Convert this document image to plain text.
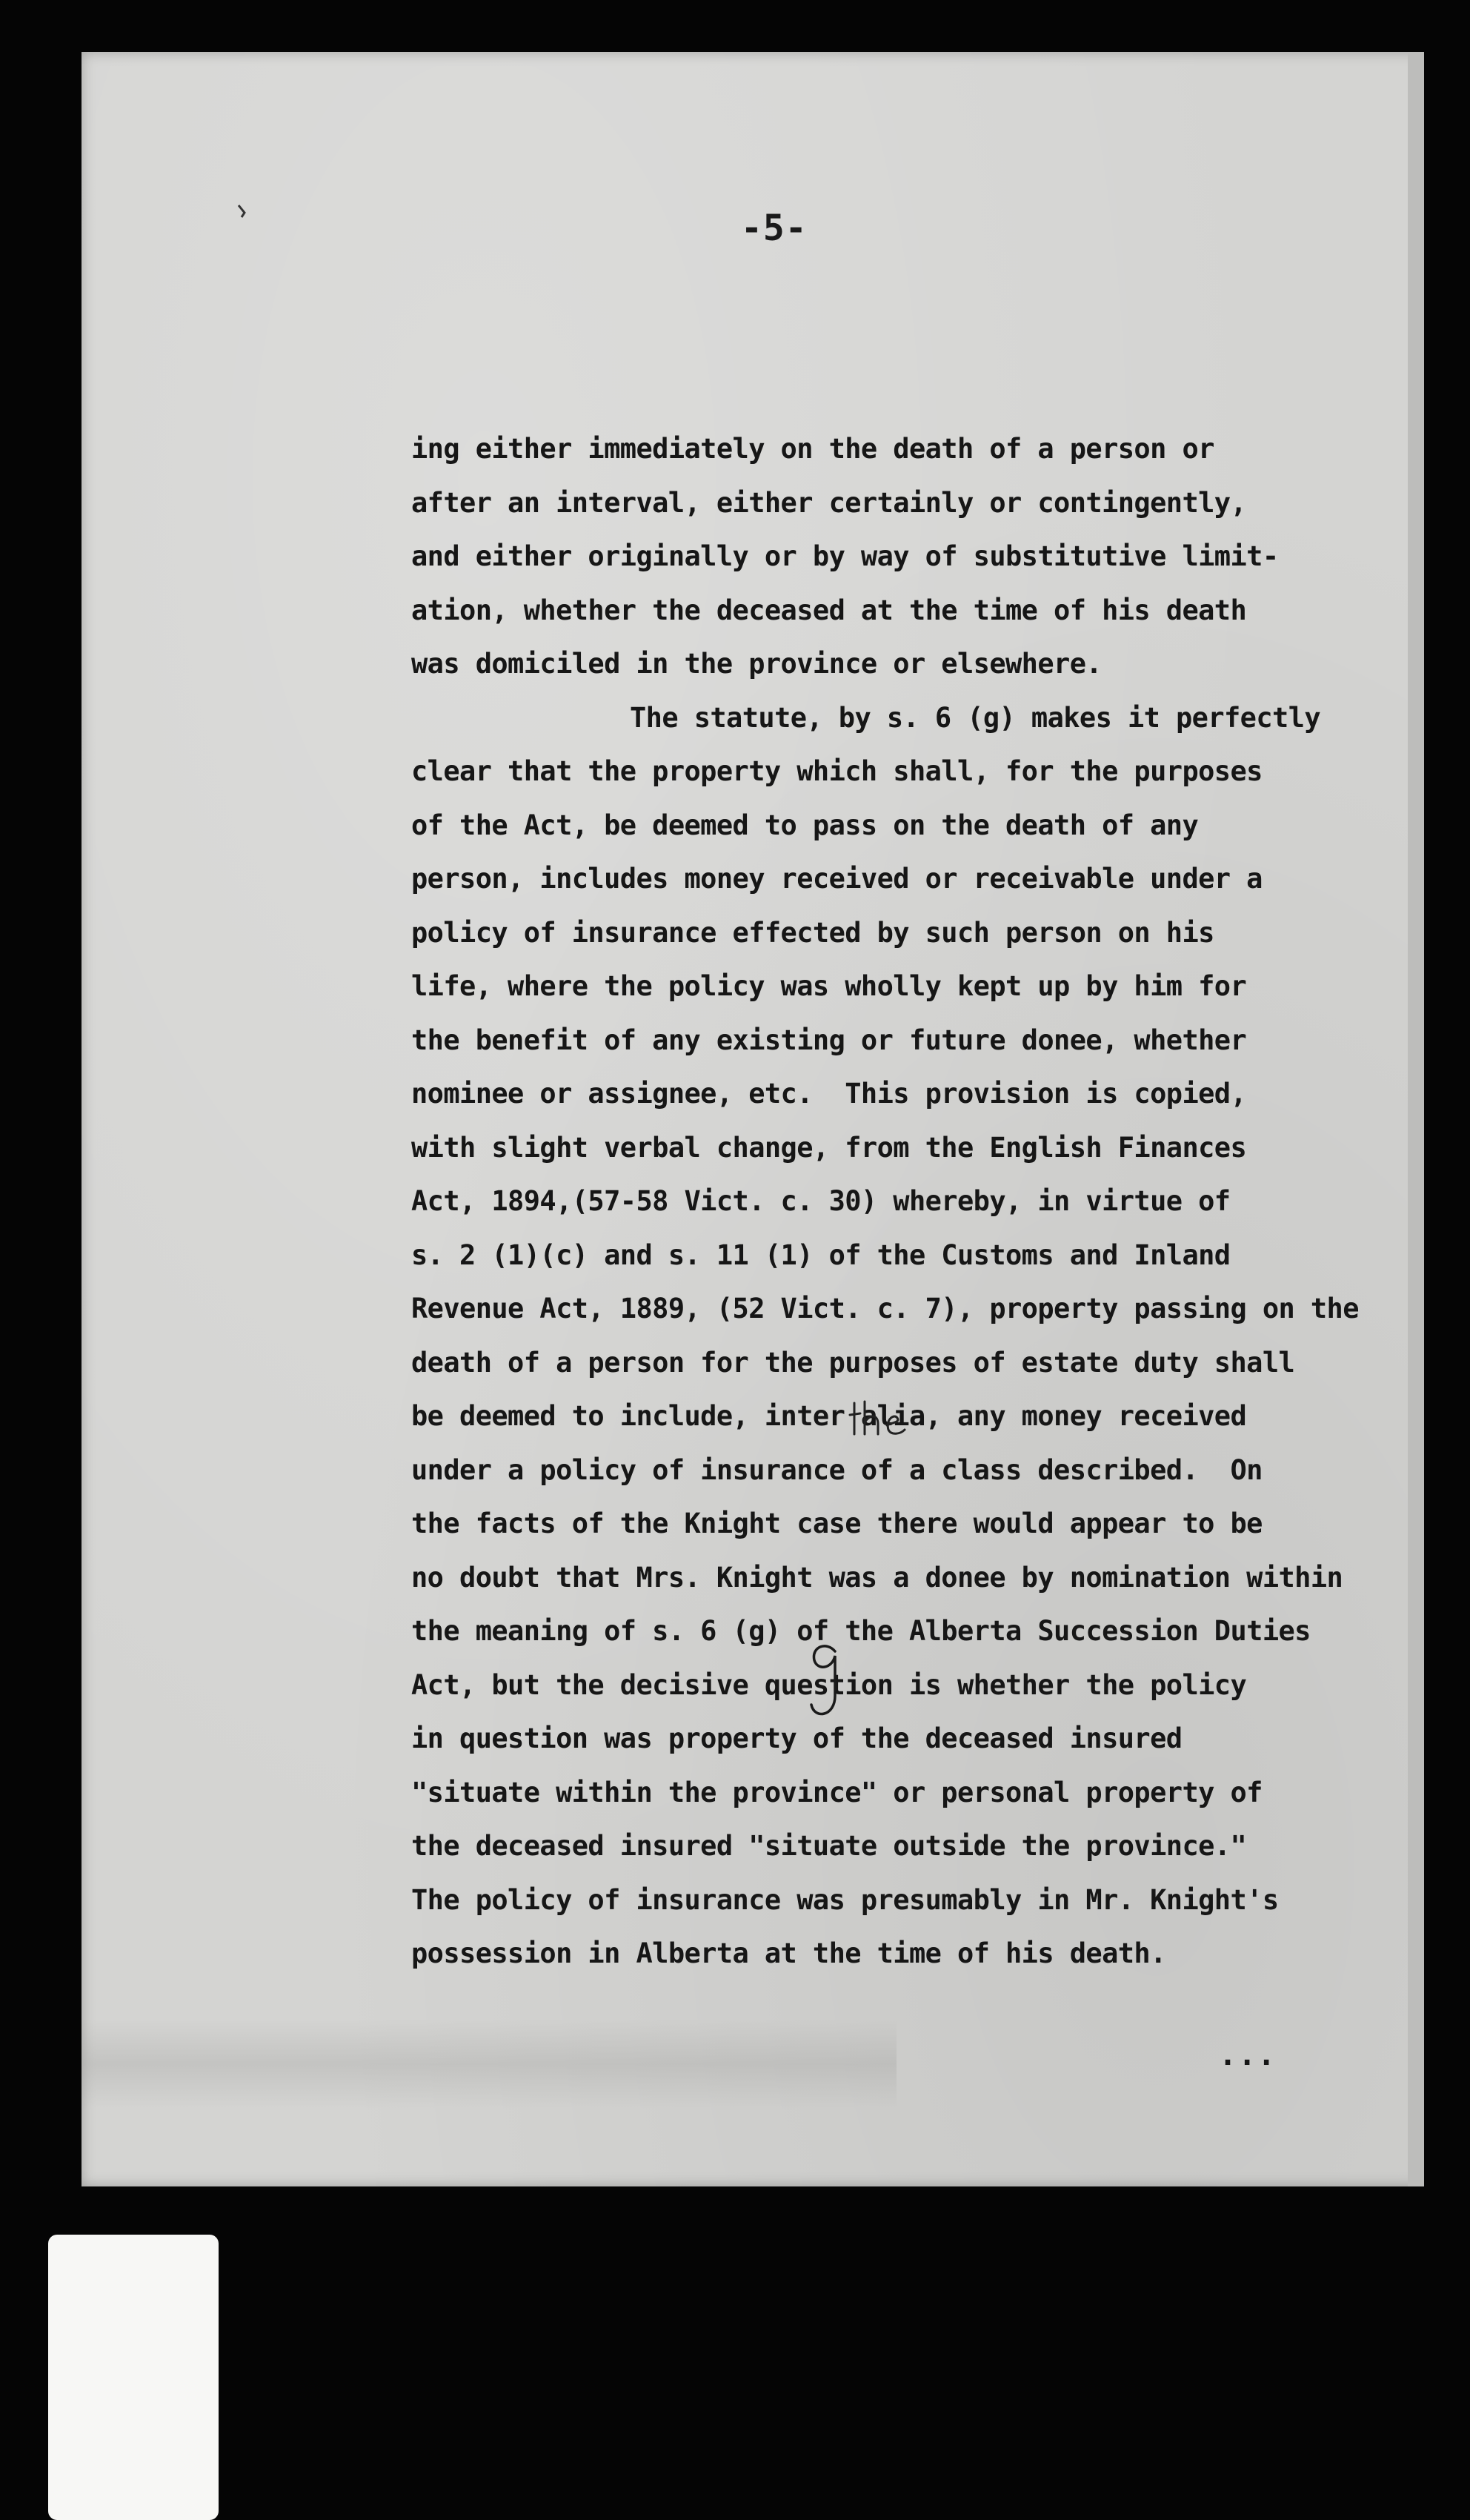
-5-
ing either immediately on the death of a person or
after an interval, either certainly or contingently,
and either originally or by way of substitutive limit-
ation, whether the deceased at the time of his death
was domiciled in the province or elsewhere.
The statute, by s. 6 (g) makes it perfectly
clear that the property which shall, for the purposes
of the Act, be deemed to pass on the death of any
person, includes money received or receivable under a
policy of insurance effected by such person on his
life, where the policy was wholly kept up by him for
the benefit of any existing or future donee, whether
nominee or assignee, etc.  This provision is copied,
with slight verbal change, from the English Finances
Act, 1894,(57-58 Vict. c. 30) whereby, in virtue of
s. 2 (1)(c) and s. 11 (1) of the Customs and Inland
Revenue Act, 1889, (52 Vict. c. 7), property passing on the
death of a person for the purposes of estate duty shall
be deemed to include, inter alia, any money received
under a policy of insurance of a class described.  On
the facts of the Knight case there would appear to be
no doubt that Mrs. Knight was a donee by nomination within
the meaning of s. 6 (g) of the Alberta Succession Duties
Act, but the decisive question is whether the policy
in question was property of the deceased insured
"situate within the province" or personal property of
the deceased insured "situate outside the province."
The policy of insurance was presumably in Mr. Knight's
possession in Alberta at the time of his death.
...
